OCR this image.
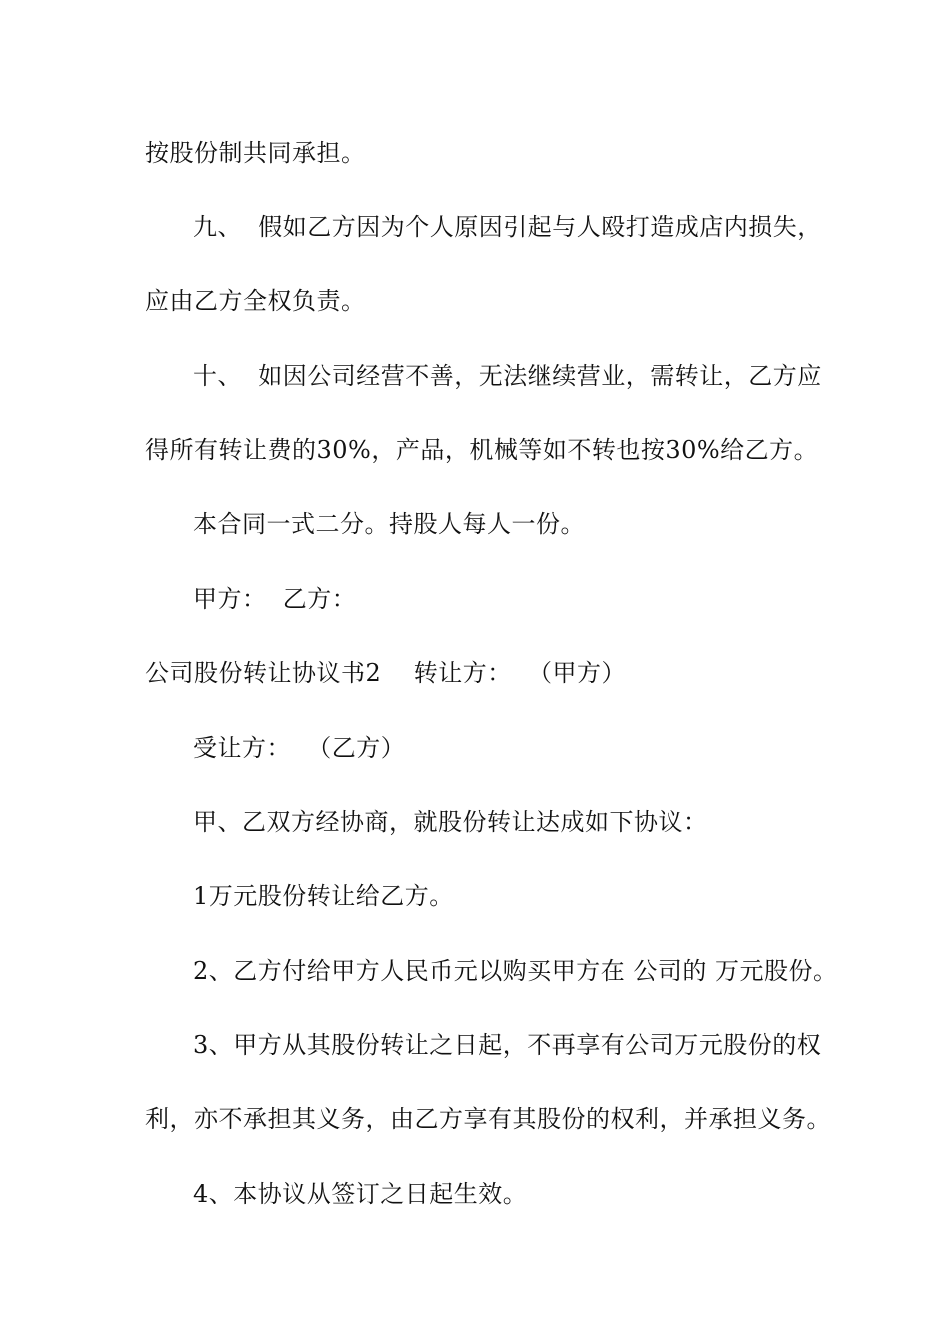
按股份制共同承担。
九、  假如乙方因为个人原因引起与人殴打造成店内损失，
应由乙方全权负责。
十、  如因公司经营不善，无法继续营业，需转让，乙方应
得所有转让费的30%，产品，机械等如不转也按30%给乙方。
本合同一式二分。持股人每人一份。
甲方：  乙方：
公司股份转让协议书2    转让方：  （甲方）
受让方：  （乙方）
甲、乙双方经协商，就股份转让达成如下协议：
1万元股份转让给乙方。
2、乙方付给甲方人民币元以购买甲方在 公司的 万元股份。
3、甲方从其股份转让之日起，不再享有公司万元股份的权
利，亦不承担其义务，由乙方享有其股份的权利，并承担义务。
4、本协议从签订之日起生效。
